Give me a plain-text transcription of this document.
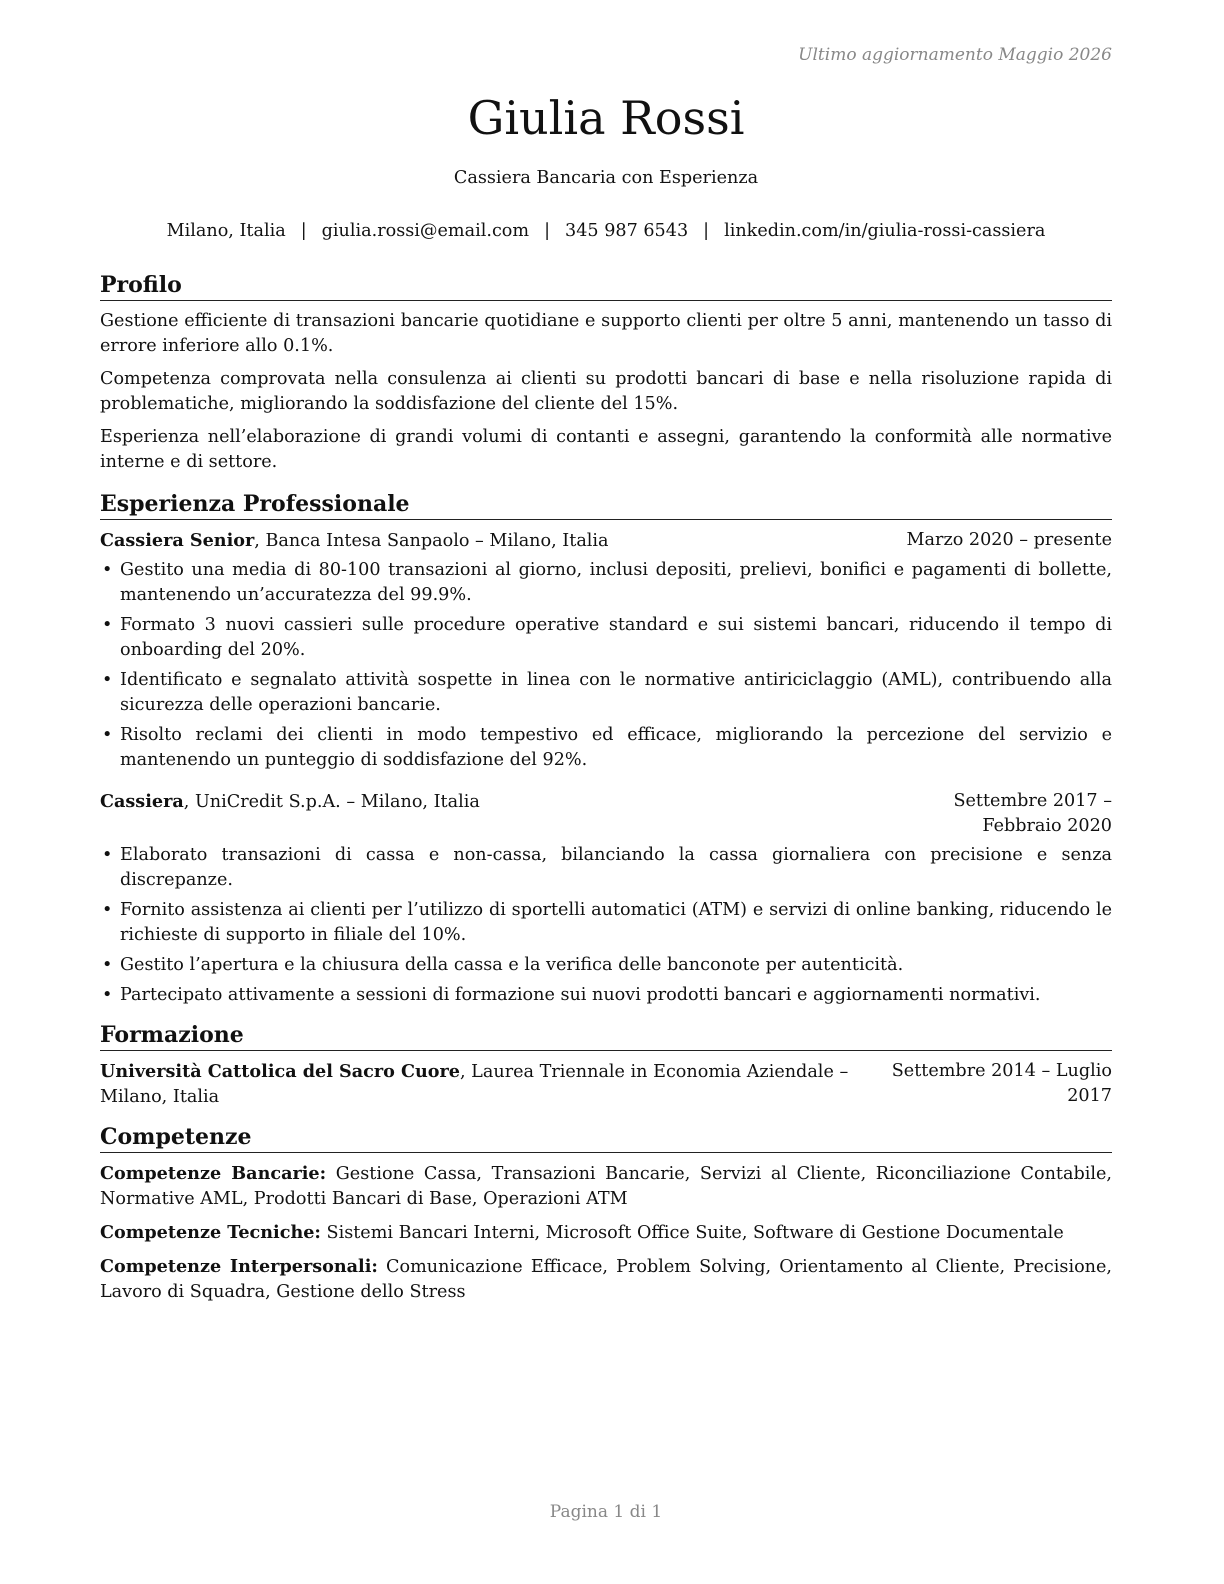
Ultimo aggiornamento Maggio 2026
Giulia Rossi
Cassiera Bancaria con Esperienza
Milano, Italia | giulia.rossi@email.com | 345 987 6543 | linkedin.com/in/giulia-rossi-cassiera
Profilo

Gestione efficiente di transazioni bancarie quotidiane e supporto clienti per oltre 5 anni, mantenendo un tasso di errore inferiore allo 0.1%.

Competenza comprovata nella consulenza ai clienti su prodotti bancari di base e nella risoluzione rapida di problematiche, migliorando la soddisfazione del cliente del 15%.

Esperienza nell’elaborazione di grandi volumi di contanti e assegni, garantendo la conformità alle normative interne e di settore.

Esperienza Professionale
Cassiera Senior, Banca Intesa Sanpaolo – Milano, Italia	Marzo 2020 – presente
• Gestito una media di 80-100 transazioni al giorno, inclusi depositi, prelievi, bonifici e pagamenti di bollette, mantenendo un’accuratezza del 99.9%.
• Formato 3 nuovi cassieri sulle procedure operative standard e sui sistemi bancari, riducendo il tempo di onboarding del 20%.
• Identificato e segnalato attività sospette in linea con le normative antiriciclaggio (AML), contribuendo alla sicurezza delle operazioni bancarie.
• Risolto reclami dei clienti in modo tempestivo ed efficace, migliorando la percezione del servizio e mantenendo un punteggio di soddisfazione del 92%.
Cassiera, UniCredit S.p.A. – Milano, Italia	Settembre 2017 – Febbraio 2020
• Elaborato transazioni di cassa e non-cassa, bilanciando la cassa giornaliera con precisione e senza discrepanze.
• Fornito assistenza ai clienti per l’utilizzo di sportelli automatici (ATM) e servizi di online banking, riducendo le richieste di supporto in filiale del 10%.
• Gestito l’apertura e la chiusura della cassa e la verifica delle banconote per autenticità.
• Partecipato attivamente a sessioni di formazione sui nuovi prodotti bancari e aggiornamenti normativi.
Formazione
Università Cattolica del Sacro Cuore, Laurea Triennale in Economia Aziendale – Milano, Italia
Settembre 2014 – Luglio 2017
Competenze
Competenze Bancarie: Gestione Cassa, Transazioni Bancarie, Servizi al Cliente, Riconciliazione Contabile, Normative AML, Prodotti Bancari di Base, Operazioni ATM
Competenze Tecniche: Sistemi Bancari Interni, Microsoft Office Suite, Software di Gestione Documentale
Competenze Interpersonali: Comunicazione Efficace, Problem Solving, Orientamento al Cliente, Precisione, Lavoro di Squadra, Gestione dello Stress
Pagina 1 di 1
